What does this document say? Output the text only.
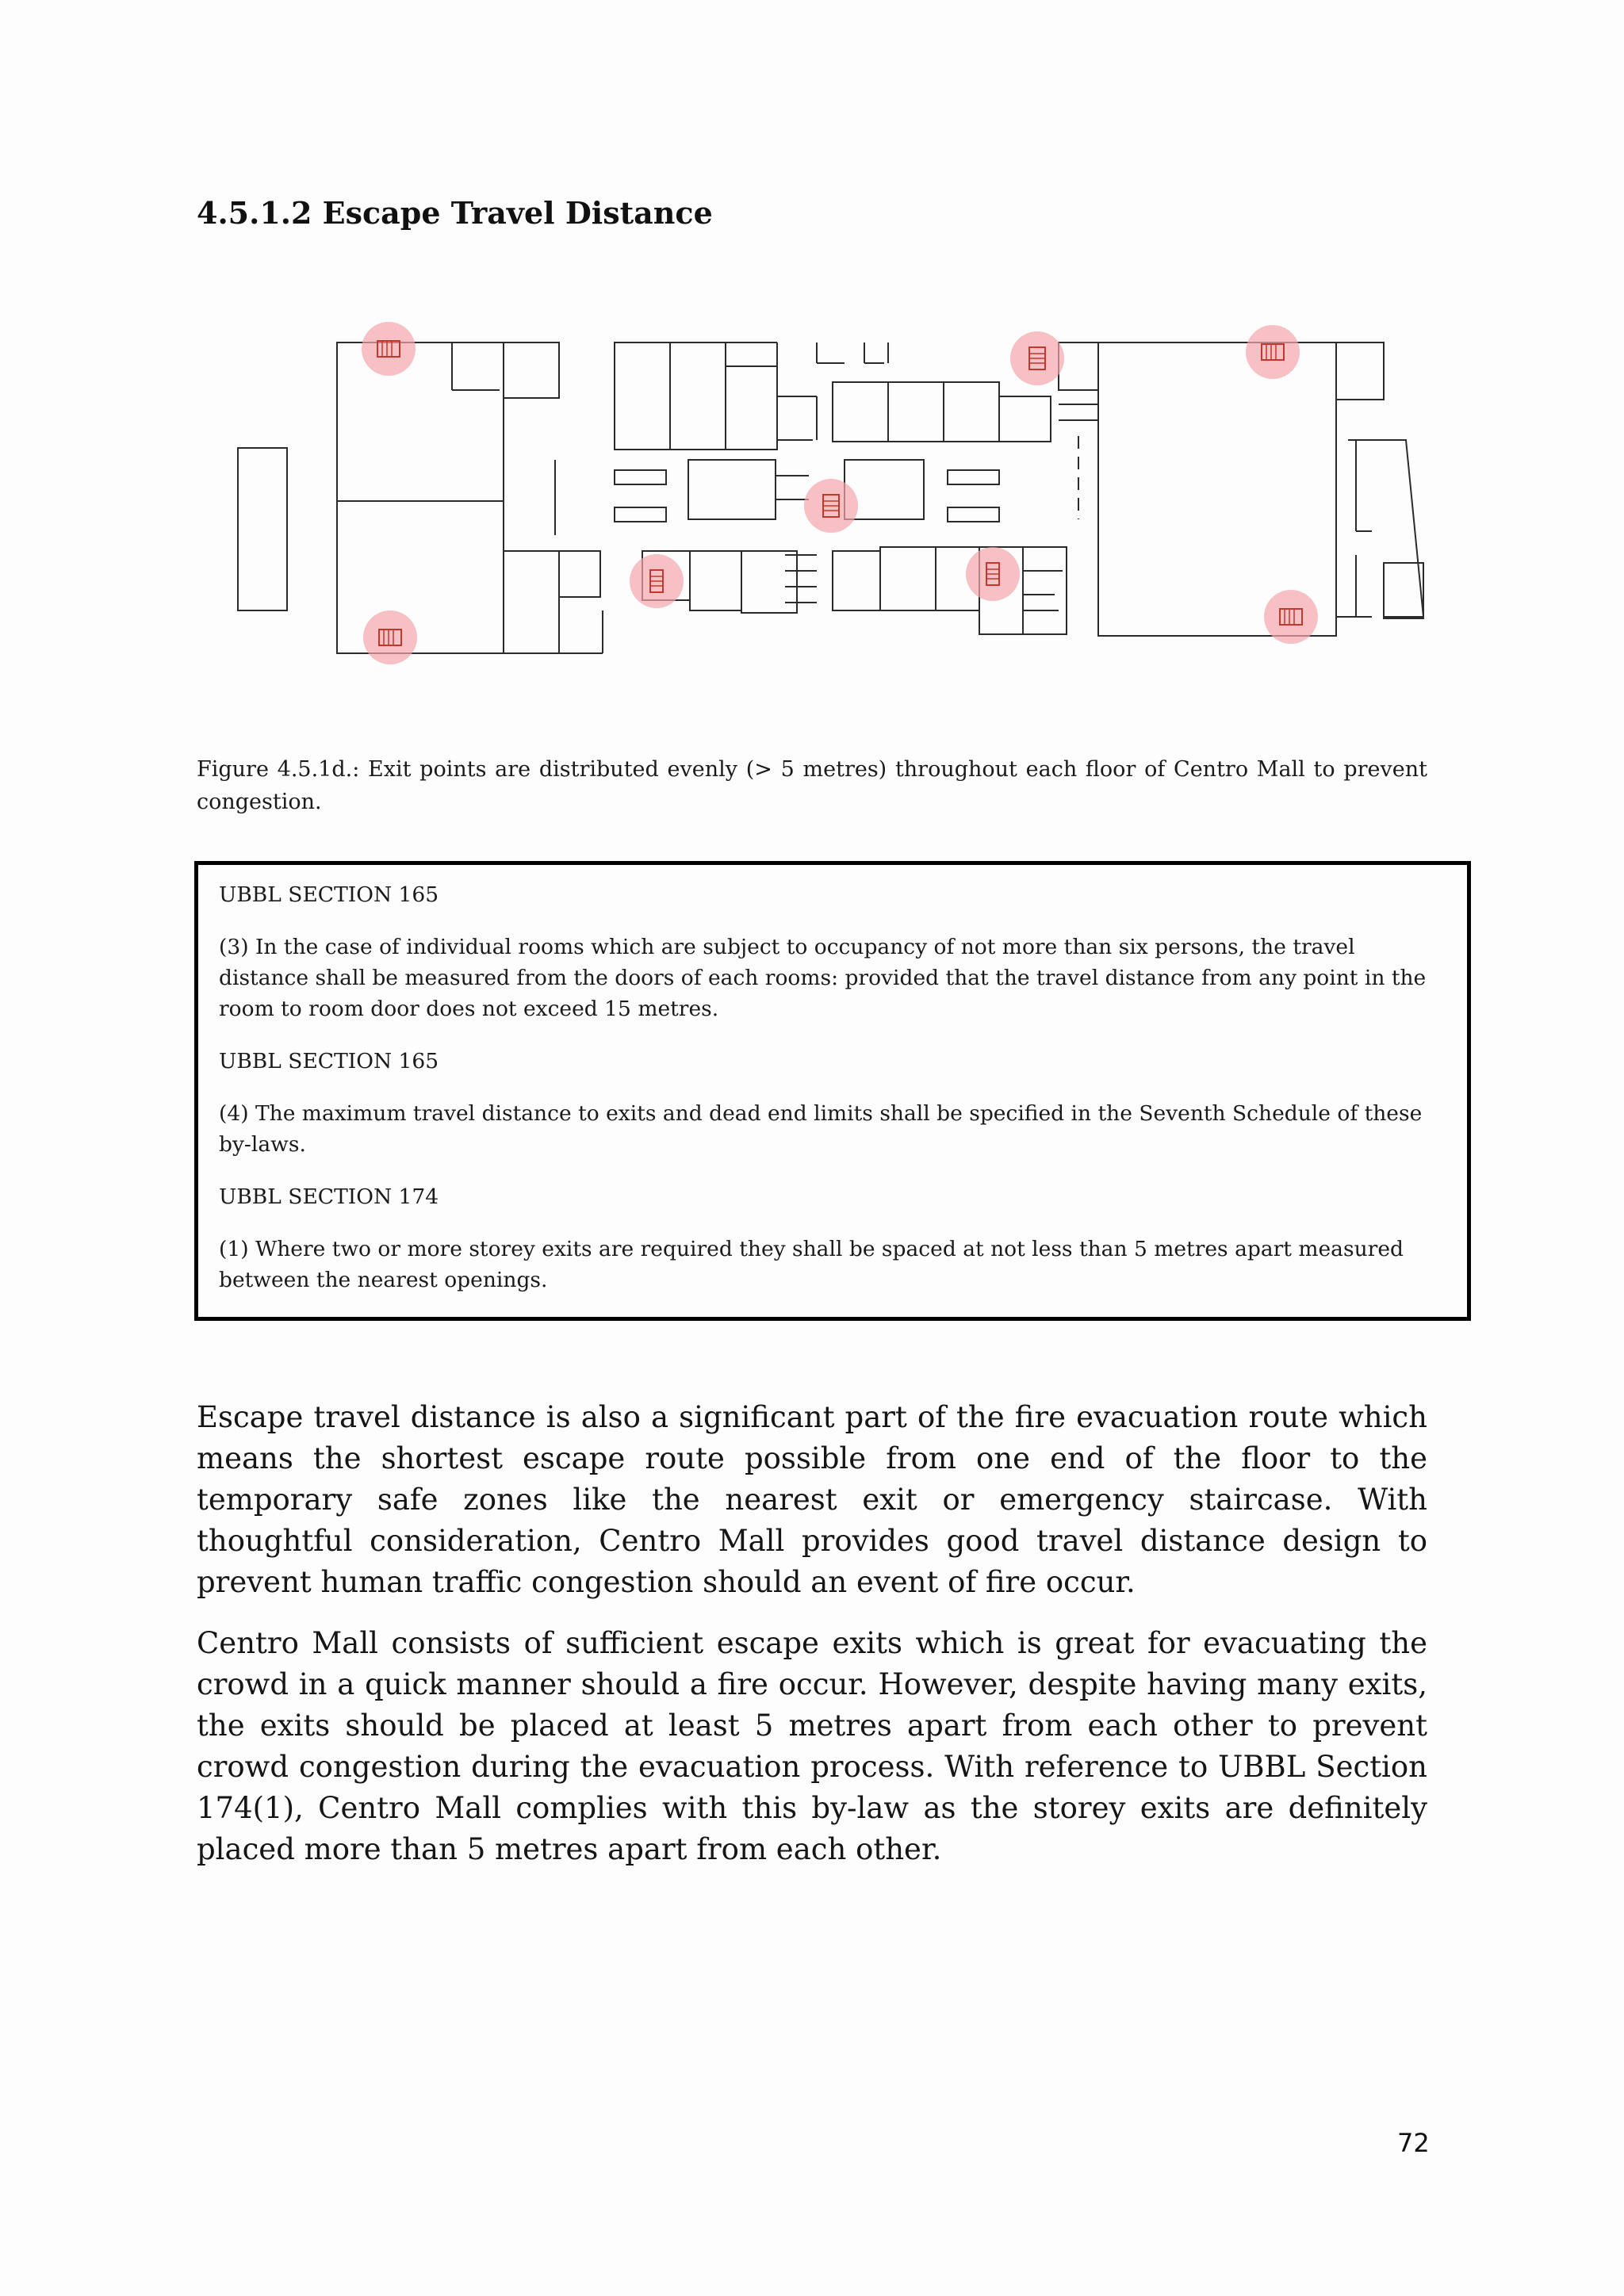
4.5.1.2 Escape Travel Distance
Figure 4.5.1d.: Exit points are distributed evenly (> 5 metres) throughout each floor of Centro Mall to prevent congestion.

UBBL SECTION 165

(3) In the case of individual rooms which are subject to occupancy of not more than six persons, the travel distance shall be measured from the doors of each rooms: provided that the travel distance from any point in the room to room door does not exceed 15 metres.

UBBL SECTION 165

(4) The maximum travel distance to exits and dead end limits shall be specified in the Seventh Schedule of these by-laws.

UBBL SECTION 174

(1) Where two or more storey exits are required they shall be spaced at not less than 5 metres apart measured between the nearest openings.

Escape travel distance is also a significant part of the fire evacuation route which means the shortest escape route possible from one end of the floor to the temporary safe zones like the nearest exit or emergency staircase. With thoughtful consideration, Centro Mall provides good travel distance design to prevent human traffic congestion should an event of fire occur.

Centro Mall consists of sufficient escape exits which is great for evacuating the crowd in a quick manner should a fire occur. However, despite having many exits, the exits should be placed at least 5 metres apart from each other to prevent crowd congestion during the evacuation process. With reference to UBBL Section 174(1), Centro Mall complies with this by-law as the storey exits are definitely placed more than 5 metres apart from each other.

72
